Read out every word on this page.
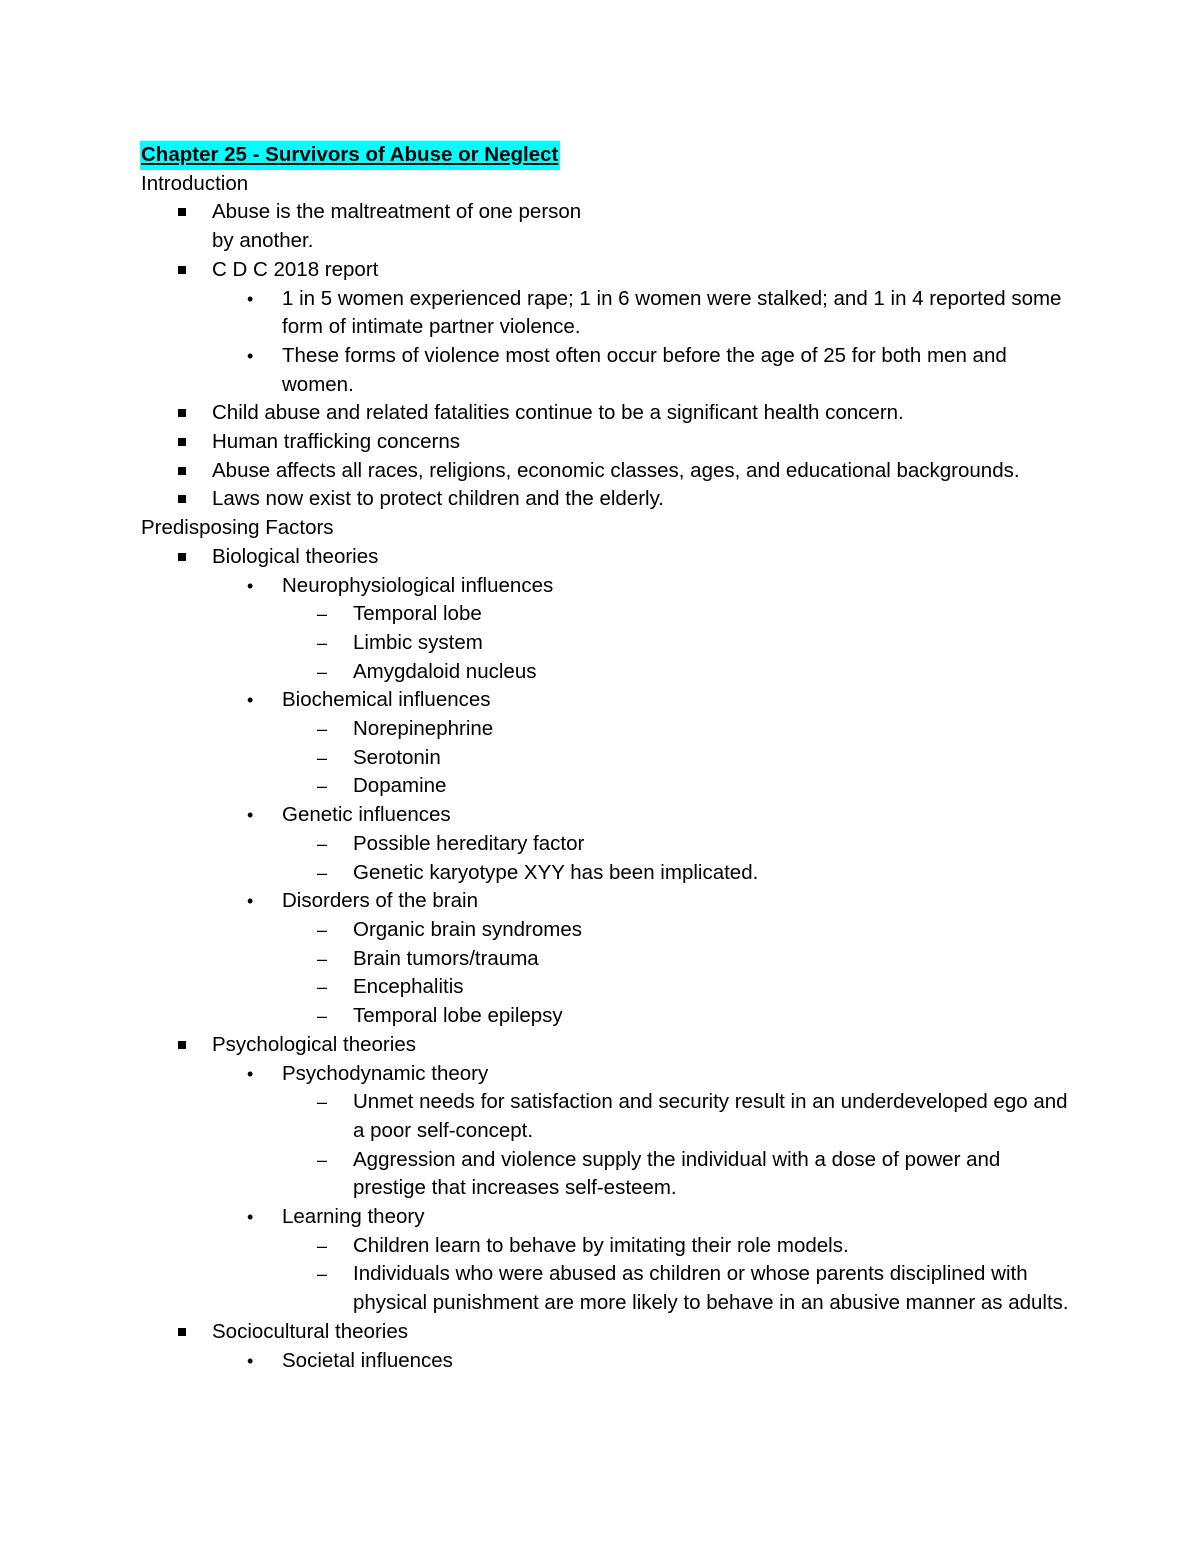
Chapter 25 - Survivors of Abuse or Neglect
Introduction
Abuse is the maltreatment of one person
by another.
C D C 2018 report
• 1 in 5 women experienced rape; 1 in 6 women were stalked; and 1 in 4 reported some form of intimate partner violence.
• These forms of violence most often occur before the age of 25 for both men and women.
Child abuse and related fatalities continue to be a significant health concern.
Human trafficking concerns
Abuse affects all races, religions, economic classes, ages, and educational backgrounds.
Laws now exist to protect children and the elderly.
Predisposing Factors
Biological theories
• Neurophysiological influences
– Temporal lobe
– Limbic system
– Amygdaloid nucleus
• Biochemical influences
– Norepinephrine
– Serotonin
– Dopamine
• Genetic influences
– Possible hereditary factor
– Genetic karyotype XYY has been implicated.
• Disorders of the brain
– Organic brain syndromes
– Brain tumors/trauma
– Encephalitis
– Temporal lobe epilepsy
Psychological theories
• Psychodynamic theory
– Unmet needs for satisfaction and security result in an underdeveloped ego and a poor self-concept.
– Aggression and violence supply the individual with a dose of power and prestige that increases self-esteem.
• Learning theory
– Children learn to behave by imitating their role models.
– Individuals who were abused as children or whose parents disciplined with physical punishment are more likely to behave in an abusive manner as adults.
Sociocultural theories
• Societal influences
